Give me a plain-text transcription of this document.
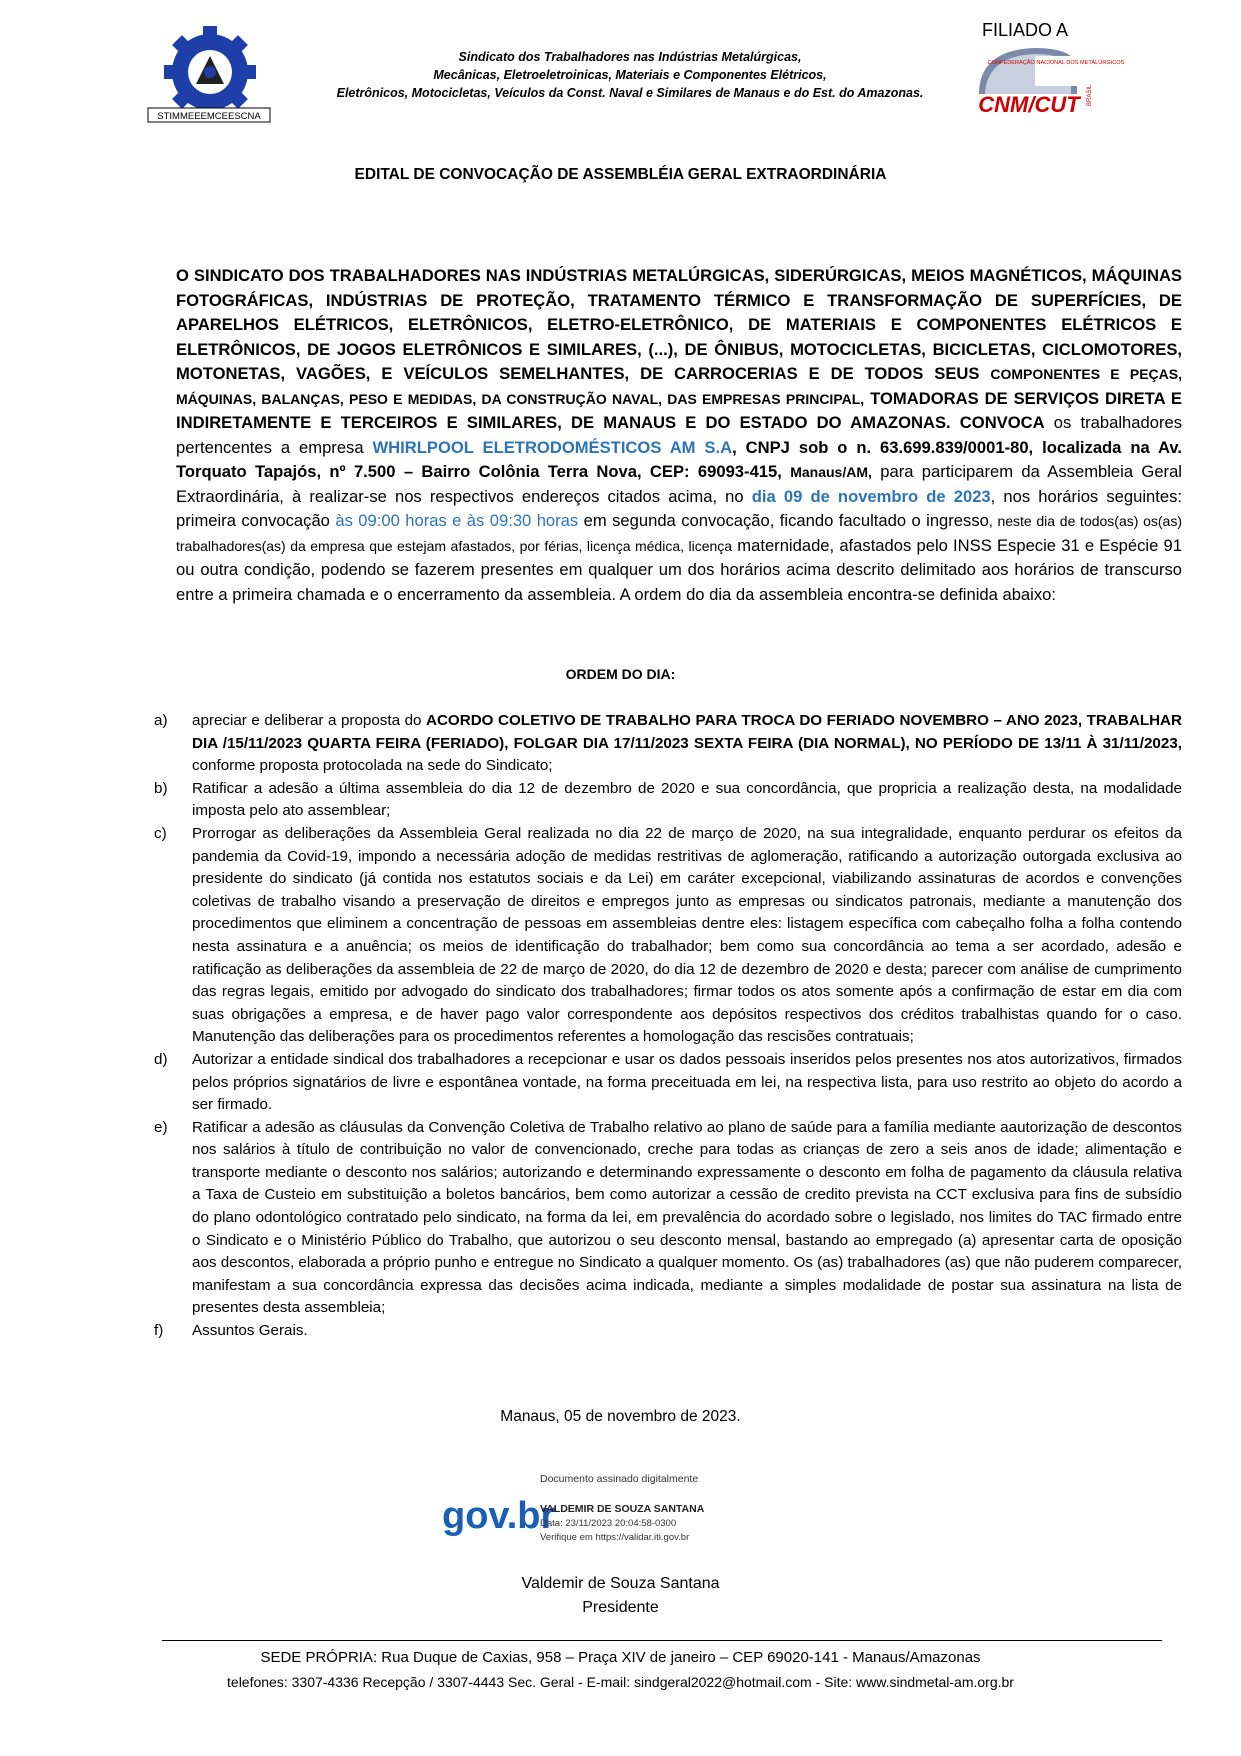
STIMMEEEMCEESCNA
Sindicato dos Trabalhadores nas Indústrias Metalúrgicas,
Mecânicas, Eletroeletroinicas, Materiais e Componentes Elétricos,
Eletrônicos, Motocicletas, Veículos da Const. Naval e Similares de Manaus e do Est. do Amazonas.
FILIADO A
CONFEDERAÇÃO NACIONAL DOS METALÚRGICOS
CNM/CUT BRASIL
EDITAL DE CONVOCAÇÃO DE ASSEMBLÉIA GERAL EXTRAORDINÁRIA
O SINDICATO DOS TRABALHADORES NAS INDÚSTRIAS METALÚRGICAS, SIDERÚRGICAS, MEIOS MAGNÉTICOS, MÁQUINAS FOTOGRÁFICAS, INDÚSTRIAS DE PROTEÇÃO, TRATAMENTO TÉRMICO E TRANSFORMAÇÃO DE SUPERFÍCIES, DE APARELHOS ELÉTRICOS, ELETRÔNICOS, ELETRO-ELETRÔNICO, DE MATERIAIS E COMPONENTES ELÉTRICOS E ELETRÔNICOS, DE JOGOS ELETRÔNICOS E SIMILARES, (...), DE ÔNIBUS, MOTOCICLETAS, BICICLETAS, CICLOMOTORES, MOTONETAS, VAGÕES, E VEÍCULOS SEMELHANTES, DE CARROCERIAS E DE TODOS SEUS COMPONENTES E PEÇAS, MÁQUINAS, BALANÇAS, PESO E MEDIDAS, DA CONSTRUÇÃO NAVAL, DAS EMPRESAS PRINCIPAL, TOMADORAS DE SERVIÇOS DIRETA E INDIRETAMENTE E TERCEIROS E SIMILARES, DE MANAUS E DO ESTADO DO AMAZONAS. CONVOCA os trabalhadores pertencentes a empresa WHIRLPOOL ELETRODOMÉSTICOS AM S.A, CNPJ sob o n. 63.699.839/0001-80, localizada na Av. Torquato Tapajós, nº 7.500 – Bairro Colônia Terra Nova, CEP: 69093-415, Manaus/AM, para participarem da Assembleia Geral Extraordinária, à realizar-se nos respectivos endereços citados acima, no dia 09 de novembro de 2023, nos horários seguintes: primeira convocação às 09:00 horas e às 09:30 horas em segunda convocação, ficando facultado o ingresso, neste dia de todos(as) os(as) trabalhadores(as) da empresa que estejam afastados, por férias, licença médica, licença maternidade, afastados pelo INSS Especie 31 e Espécie 91 ou outra condição, podendo se fazerem presentes em qualquer um dos horários acima descrito delimitado aos horários de transcurso entre a primeira chamada e o encerramento da assembleia. A ordem do dia da assembleia encontra-se definida abaixo:
ORDEM DO DIA:
a) apreciar e deliberar a proposta do ACORDO COLETIVO DE TRABALHO PARA TROCA DO FERIADO NOVEMBRO – ANO 2023, TRABALHAR DIA /15/11/2023 QUARTA FEIRA (FERIADO), FOLGAR DIA 17/11/2023 SEXTA FEIRA (DIA NORMAL), NO PERÍODO DE 13/11 À 31/11/2023, conforme proposta protocolada na sede do Sindicato;
b) Ratificar a adesão a última assembleia do dia 12 de dezembro de 2020 e sua concordância, que propricia a realização desta, na modalidade imposta pelo ato assemblear;
c) Prorrogar as deliberações da Assembleia Geral realizada no dia 22 de março de 2020, na sua integralidade, enquanto perdurar os efeitos da pandemia da Covid-19, impondo a necessária adoção de medidas restritivas de aglomeração, ratificando a autorização outorgada exclusiva ao presidente do sindicato (já contida nos estatutos sociais e da Lei) em caráter excepcional, viabilizando assinaturas de acordos e convenções coletivas de trabalho visando a preservação de direitos e empregos junto as empresas ou sindicatos patronais, mediante a manutenção dos procedimentos que eliminem a concentração de pessoas em assembleias dentre eles: listagem específica com cabeçalho folha a folha contendo nesta assinatura e a anuência; os meios de identificação do trabalhador; bem como sua concordância ao tema a ser acordado, adesão e ratificação as deliberações da assembleia de 22 de março de 2020, do dia 12 de dezembro de 2020 e desta; parecer com análise de cumprimento das regras legais, emitido por advogado do sindicato dos trabalhadores; firmar todos os atos somente após a confirmação de estar em dia com suas obrigações a empresa, e de haver pago valor correspondente aos depósitos respectivos dos créditos trabalhistas quando for o caso. Manutenção das deliberações para os procedimentos referentes a homologação das rescisões contratuais;
d) Autorizar a entidade sindical dos trabalhadores a recepcionar e usar os dados pessoais inseridos pelos presentes nos atos autorizativos, firmados pelos próprios signatários de livre e espontânea vontade, na forma preceituada em lei, na respectiva lista, para uso restrito ao objeto do acordo a ser firmado.
e) Ratificar a adesão as cláusulas da Convenção Coletiva de Trabalho relativo ao plano de saúde para a família mediante aautorização de descontos nos salários à título de contribuição no valor de convencionado, creche para todas as crianças de zero a seis anos de idade; alimentação e transporte mediante o desconto nos salários; autorizando e determinando expressamente o desconto em folha de pagamento da cláusula relativa a Taxa de Custeio em substituição a boletos bancários, bem como autorizar a cessão de credito prevista na CCT exclusiva para fins de subsídio do plano odontológico contratado pelo sindicato, na forma da lei, em prevalência do acordado sobre o legislado, nos limites do TAC firmado entre o Sindicato e o Ministério Público do Trabalho, que autorizou o seu desconto mensal, bastando ao empregado (a) apresentar carta de oposição aos descontos, elaborada a próprio punho e entregue no Sindicato a qualquer momento. Os (as) trabalhadores (as) que não puderem comparecer, manifestam a sua concordância expressa das decisões acima indicada, mediante a simples modalidade de postar sua assinatura na lista de presentes desta assembleia;
f) Assuntos Gerais.
Manaus, 05 de novembro de 2023.
gov.br
Documento assinado digitalmente
VALDEMIR DE SOUZA SANTANA
Data: 23/11/2023 20:04:58-0300
Verifique em https://validar.iti.gov.br
Valdemir de Souza Santana
Presidente
SEDE PRÓPRIA: Rua Duque de Caxias, 958 – Praça XIV de janeiro – CEP 69020-141 - Manaus/Amazonas
telefones: 3307-4336 Recepção / 3307-4443 Sec. Geral - E-mail: sindgeral2022@hotmail.com - Site: www.sindmetal-am.org.br
